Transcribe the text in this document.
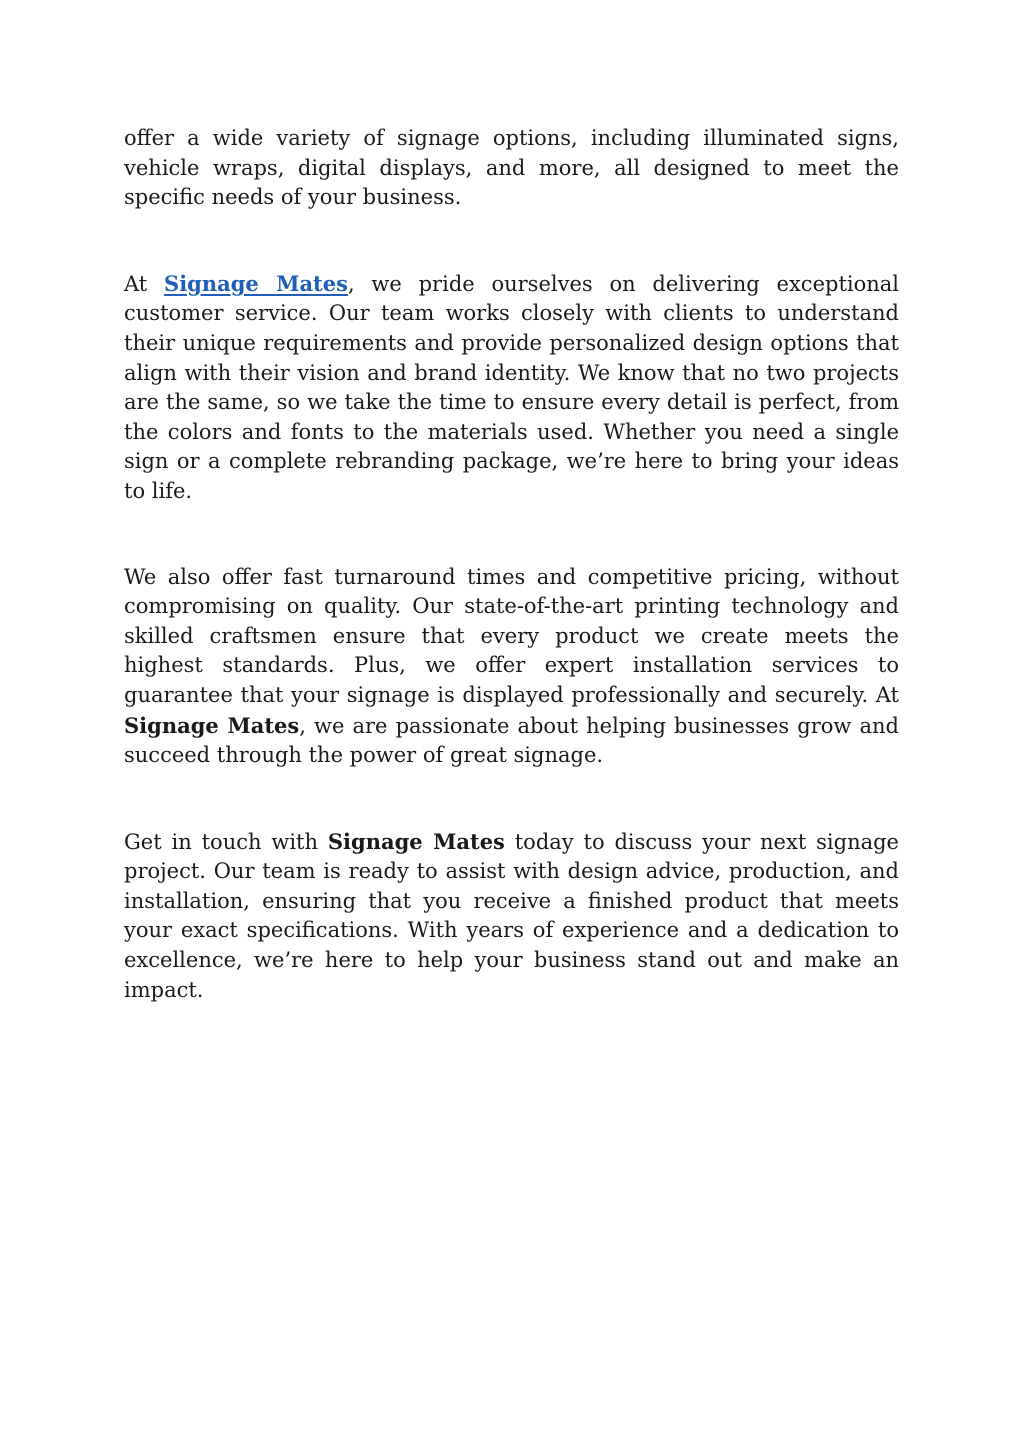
offer a wide variety of signage options, including illuminated signs, vehicle wraps, digital displays, and more, all designed to meet the specific needs of your business.

At Signage Mates, we pride ourselves on delivering exceptional customer service. Our team works closely with clients to understand their unique requirements and provide personalized design options that align with their vision and brand identity. We know that no two projects are the same, so we take the time to ensure every detail is perfect, from the colors and fonts to the materials used. Whether you need a single sign or a complete rebranding package, we’re here to bring your ideas to life.

We also offer fast turnaround times and competitive pricing, without compromising on quality. Our state-of-the-art printing technology and skilled craftsmen ensure that every product we create meets the highest standards. Plus, we offer expert installation services to guarantee that your signage is displayed professionally and securely. At Signage Mates, we are passionate about helping businesses grow and succeed through the power of great signage.

Get in touch with Signage Mates today to discuss your next signage project. Our team is ready to assist with design advice, production, and installation, ensuring that you receive a finished product that meets your exact specifications. With years of experience and a dedication to excellence, we’re here to help your business stand out and make an impact.
